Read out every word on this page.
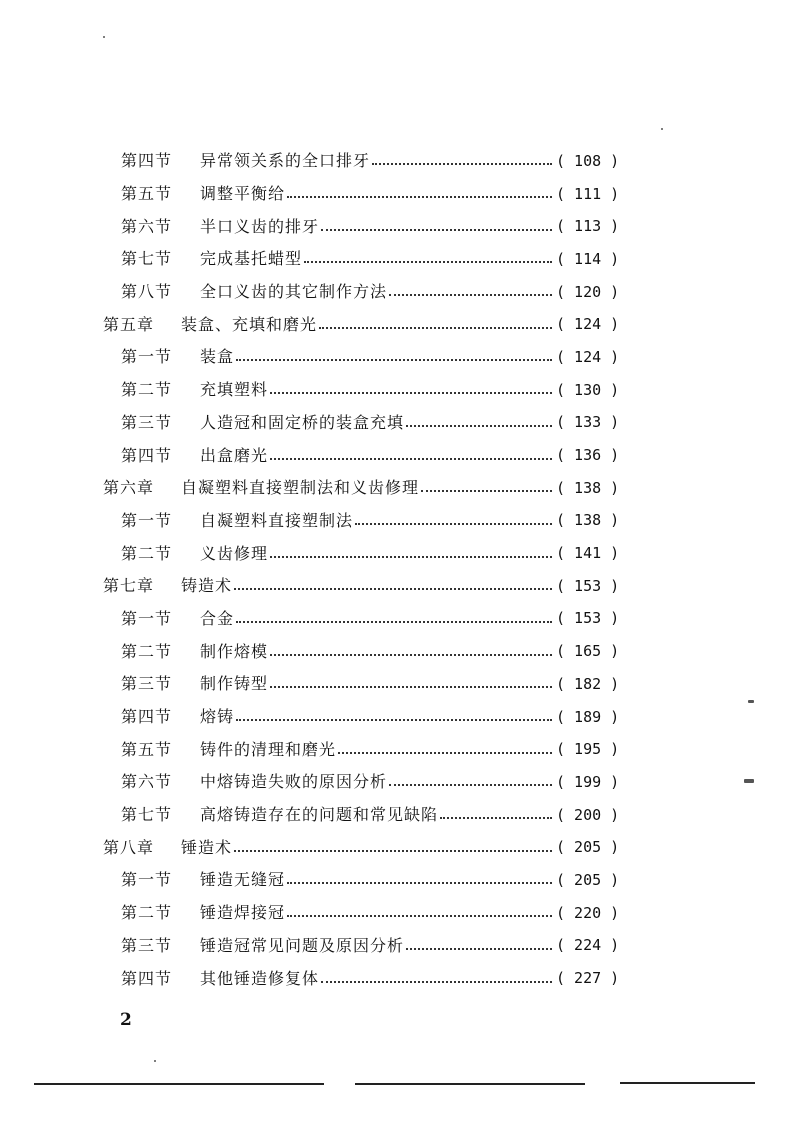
第四节	异常领关系的全口排牙	( 108 )
第五节	调整平衡给	( 111 )
第六节	半口义齿的排牙	( 113 )
第七节	完成基托蜡型	( 114 )
第八节	全口义齿的其它制作方法	( 120 )
第五章	装盒、充填和磨光	( 124 )
第一节	装盒	( 124 )
第二节	充填塑料	( 130 )
第三节	人造冠和固定桥的装盒充填	( 133 )
第四节	出盒磨光	( 136 )
第六章	自凝塑料直接塑制法和义齿修理	( 138 )
第一节	自凝塑料直接塑制法	( 138 )
第二节	义齿修理	( 141 )
第七章	铸造术	( 153 )
第一节	合金	( 153 )
第二节	制作熔模	( 165 )
第三节	制作铸型	( 182 )
第四节	熔铸	( 189 )
第五节	铸件的清理和磨光	( 195 )
第六节	中熔铸造失败的原因分析	( 199 )
第七节	高熔铸造存在的问题和常见缺陷	( 200 )
第八章	锤造术	( 205 )
第一节	锤造无缝冠	( 205 )
第二节	锤造焊接冠	( 220 )
第三节	锤造冠常见问题及原因分析	( 224 )
第四节	其他锤造修复体	( 227 )
2
